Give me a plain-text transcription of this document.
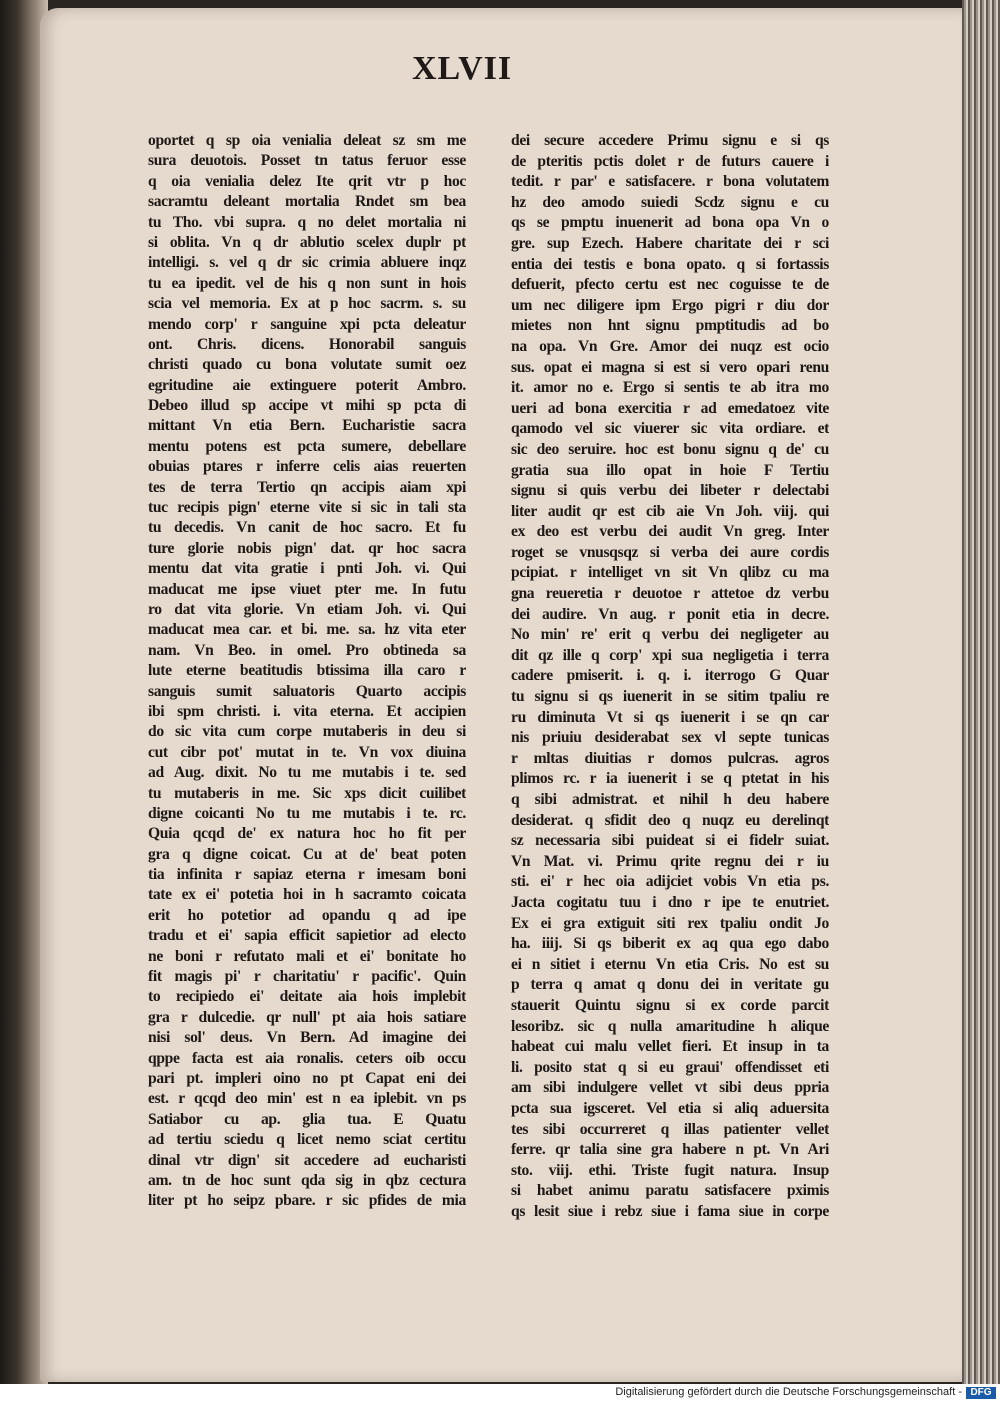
XLVII
oportet q sp oia venialia deleat sz sm me
sura deuotois. Posset tn tatus feruor esse
q oia venialia delez Ite qrit vtr p hoc
sacramtu deleant mortalia Rndet sm bea
tu Tho. vbi supra. q no delet mortalia ni
si oblita. Vn q dr ablutio scelex duplr pt
intelligi. s. vel q dr sic crimia abluere inqz
tu ea ipedit. vel de his q non sunt in hois
scia vel memoria. Ex at p hoc sacrm. s. su
mendo corp' r sanguine xpi pcta deleatur
ont. Chris. dicens. Honorabil sanguis
christi quado cu bona volutate sumit oez
egritudine aie extinguere poterit Ambro.
Debeo illud sp accipe vt mihi sp pcta di
mittant Vn etia Bern. Eucharistie sacra
mentu potens est pcta sumere, debellare
obuias ptares r inferre celis aias reuerten
tes de terra Tertio qn accipis aiam xpi
tuc recipis pign' eterne vite si sic in tali sta
tu decedis. Vn canit de hoc sacro. Et fu
ture glorie nobis pign' dat. qr hoc sacra
mentu dat vita gratie i pnti Joh. vi. Qui
maducat me ipse viuet pter me. In futu
ro dat vita glorie. Vn etiam Joh. vi. Qui
maducat mea car. et bi. me. sa. hz vita eter
nam. Vn Beo. in omel. Pro obtineda sa
lute eterne beatitudis btissima illa caro r
sanguis sumit saluatoris Quarto accipis
ibi spm christi. i. vita eterna. Et accipien
do sic vita cum corpe mutaberis in deu si
cut cibr pot' mutat in te. Vn vox diuina
ad Aug. dixit. No tu me mutabis i te. sed
tu mutaberis in me. Sic xps dicit cuilibet
digne coicanti No tu me mutabis i te. rc.
Quia qcqd de' ex natura hoc ho fit per
gra q digne coicat. Cu at de' beat poten
tia infinita r sapiaz eterna r imesam boni
tate ex ei' potetia hoi in h sacramto coicata
erit ho potetior ad opandu q ad ipe
tradu et ei' sapia efficit sapietior ad electo
ne boni r refutato mali et ei' bonitate ho
fit magis pi' r charitatiu' r pacific'. Quin
to recipiedo ei' deitate aia hois implebit
gra r dulcedie. qr null' pt aia hois satiare
nisi sol' deus. Vn Bern. Ad imagine dei
qppe facta est aia ronalis. ceters oib occu
pari pt. impleri oino no pt Capat eni dei
est. r qcqd deo min' est n ea iplebit. vn ps
Satiabor cu ap. glia tua. E Quatu
ad tertiu sciedu q licet nemo sciat certitu
dinal vtr dign' sit accedere ad eucharisti
am. tn de hoc sunt qda sig in qbz cectura
liter pt ho seipz pbare. r sic pfides de mia
dei secure accedere Primu signu e si qs
de pteritis pctis dolet r de futurs cauere i
tedit. r par' e satisfacere. r bona volutatem
hz deo amodo suiedi Scdz signu e cu
qs se pmptu inuenerit ad bona opa Vn o
gre. sup Ezech. Habere charitate dei r sci
entia dei testis e bona opato. q si fortassis
defuerit, pfecto certu est nec coguisse te de
um nec diligere ipm Ergo pigri r diu dor
mietes non hnt signu pmptitudis ad bo
na opa. Vn Gre. Amor dei nuqz est ocio
sus. opat ei magna si est si vero opari renu
it. amor no e. Ergo si sentis te ab itra mo
ueri ad bona exercitia r ad emedatoez vite
qamodo vel sic viuerer sic vita ordiare. et
sic deo seruire. hoc est bonu signu q de' cu
gratia sua illo opat in hoie F Tertiu
signu si quis verbu dei libeter r delectabi
liter audit qr est cib aie Vn Joh. viij. qui
ex deo est verbu dei audit Vn greg. Inter
roget se vnusqsqz si verba dei aure cordis
pcipiat. r intelliget vn sit Vn qlibz cu ma
gna reueretia r deuotoe r attetoe dz verbu
dei audire. Vn aug. r ponit etia in decre.
No min' re' erit q verbu dei negligeter au
dit qz ille q corp' xpi sua negligetia i terra
cadere pmiserit. i. q. i. iterrogo G Quar
tu signu si qs iuenerit in se sitim tpaliu re
ru diminuta Vt si qs iuenerit i se qn car
nis priuiu desiderabat sex vl septe tunicas
r mltas diuitias r domos pulcras. agros
plimos rc. r ia iuenerit i se q ptetat in his
q sibi admistrat. et nihil h deu habere
desiderat. q sfidit deo q nuqz eu derelinqt
sz necessaria sibi puideat si ei fidelr suiat.
Vn Mat. vi. Primu qrite regnu dei r iu
sti. ei' r hec oia adijciet vobis Vn etia ps.
Jacta cogitatu tuu i dno r ipe te enutriet.
Ex ei gra extiguit siti rex tpaliu ondit Jo
ha. iiij. Si qs biberit ex aq qua ego dabo
ei n sitiet i eternu Vn etia Cris. No est su
p terra q amat q donu dei in veritate gu
stauerit Quintu signu si ex corde parcit
lesoribz. sic q nulla amaritudine h alique
habeat cui malu vellet fieri. Et insup in ta
li. posito stat q si eu graui' offendisset eti
am sibi indulgere vellet vt sibi deus ppria
pcta sua igsceret. Vel etia si aliq aduersita
tes sibi occurreret q illas patienter vellet
ferre. qr talia sine gra habere n pt. Vn Ari
sto. viij. ethi. Triste fugit natura. Insup
si habet animu paratu satisfacere pximis
qs lesit siue i rebz siue i fama siue in corpe
Digitalisierung gefördert durch die Deutsche Forschungsgemeinschaft - DFG
